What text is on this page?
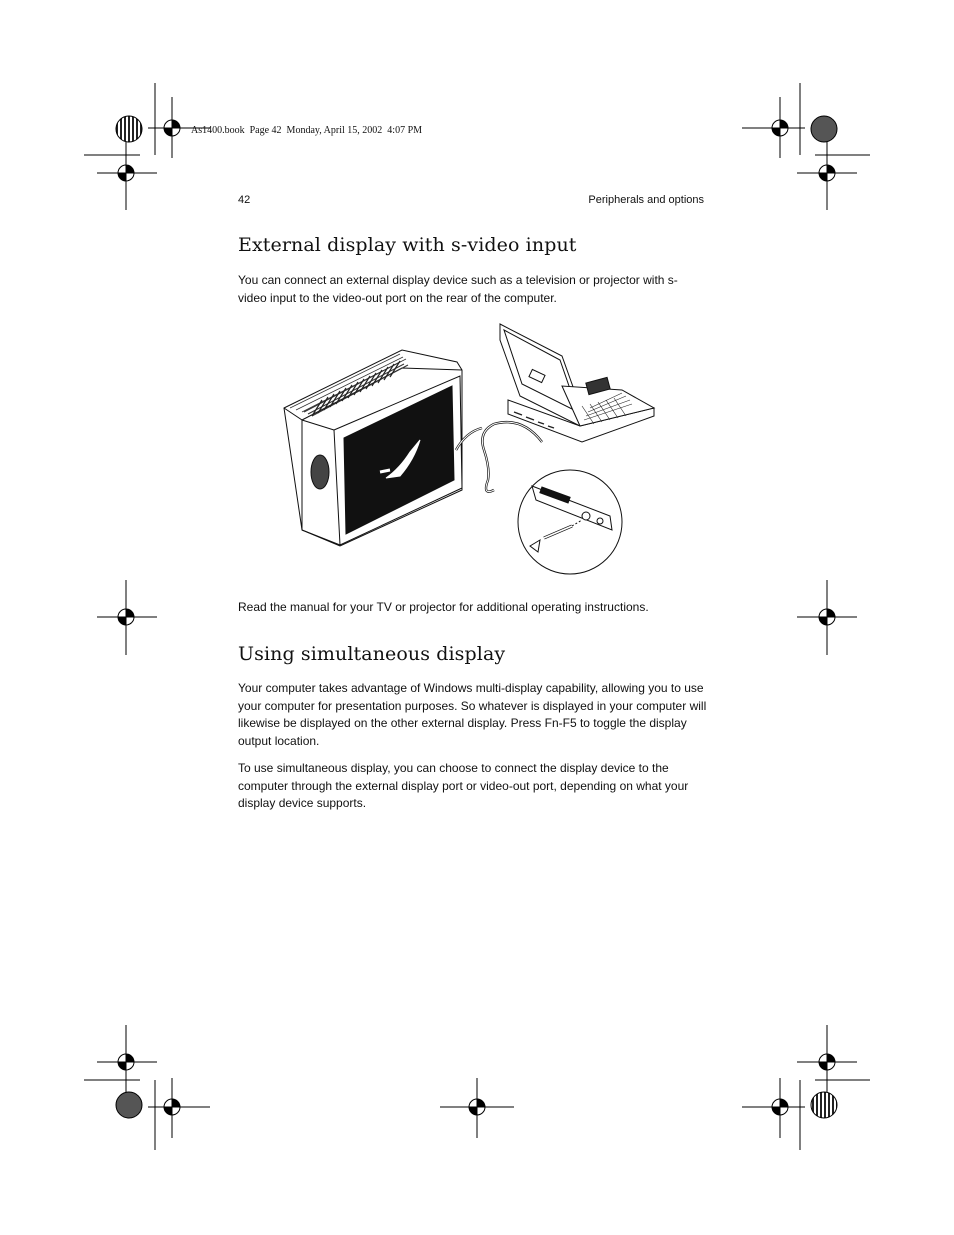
As1400.book  Page 42  Monday, April 15, 2002  4:07 PM
42	Peripherals and options
External display with s-video input

You can connect an external display device such as a television or projector with s-video input to the video-out port on the rear of the computer.

Read the manual for your TV or projector for additional operating instructions.

Using simultaneous display

Your computer takes advantage of Windows multi-display capability, allowing you to use your computer for presentation purposes. So whatever is displayed in your computer will likewise be displayed on the other external display. Press Fn-F5 to toggle the display output location.

To use simultaneous display, you can choose to connect the display device to the computer through the external display port or video-out port, depending on what your display device supports.
